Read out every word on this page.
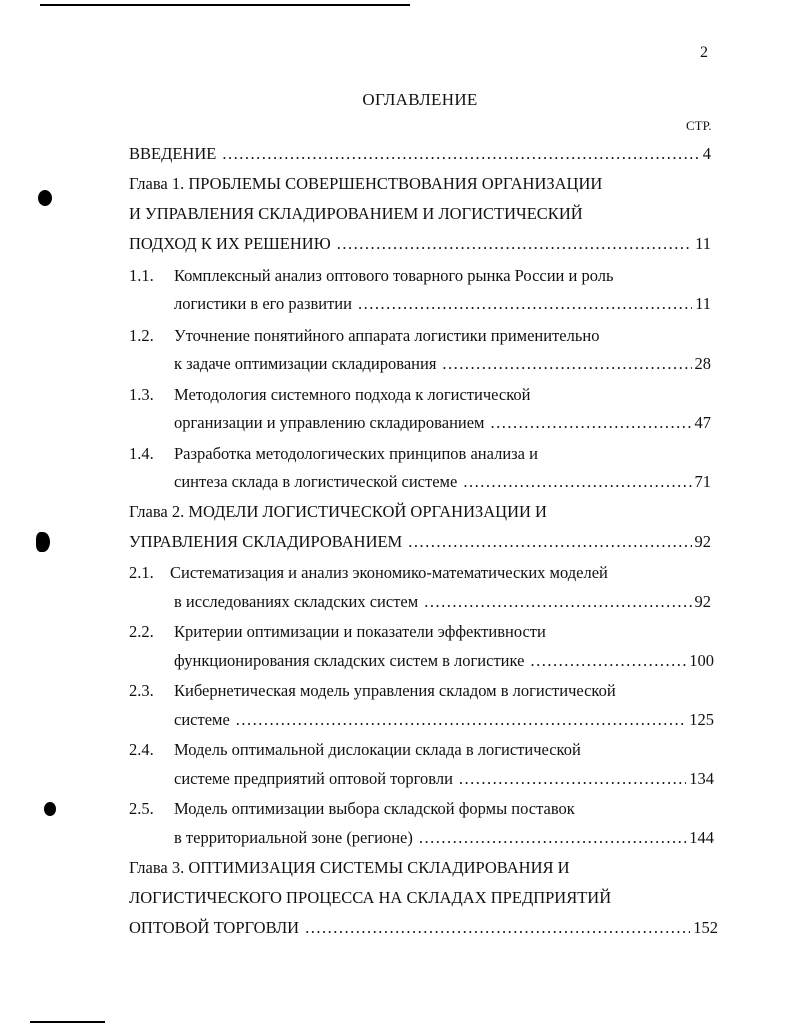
2
ОГЛАВЛЕНИЕ
СТР.
ВВЕДЕНИЕ .....	4
Глава 1. ПРОБЛЕМЫ СОВЕРШЕНСТВОВАНИЯ ОРГАНИЗАЦИИ
И УПРАВЛЕНИЯ СКЛАДИРОВАНИЕМ И ЛОГИСТИЧЕСКИЙ
ПОДХОД К ИХ РЕШЕНИЮ .....	11
1.1. Комплексный анализ оптового товарного рынка России и роль
логистики в его развитии .....	11
1.2. Уточнение понятийного аппарата логистики применительно
к задаче оптимизации складирования .....	28
1.3. Методология системного подхода к логистической
организации и управлению складированием .....	47
1.4. Разработка методологических принципов анализа и
синтеза склада в логистической системе .....	71
Глава 2. МОДЕЛИ ЛОГИСТИЧЕСКОЙ ОРГАНИЗАЦИИ И
УПРАВЛЕНИЯ СКЛАДИРОВАНИЕМ .....	92
2.1. Систематизация и анализ экономико-математических моделей
в исследованиях складских систем .....	92
2.2. Критерии оптимизации и показатели эффективности
функционирования складских систем в логистике .....	100
2.3. Кибернетическая модель управления складом в логистической
системе .....	125
2.4. Модель оптимальной дислокации склада в логистической
системе предприятий оптовой торговли .....	134
2.5. Модель оптимизации выбора складской формы поставок
в территориальной зоне (регионе) .....	144
Глава 3. ОПТИМИЗАЦИЯ СИСТЕМЫ СКЛАДИРОВАНИЯ И
ЛОГИСТИЧЕСКОГО ПРОЦЕССА НА СКЛАДАХ ПРЕДПРИЯТИЙ
ОПТОВОЙ ТОРГОВЛИ .....	152
